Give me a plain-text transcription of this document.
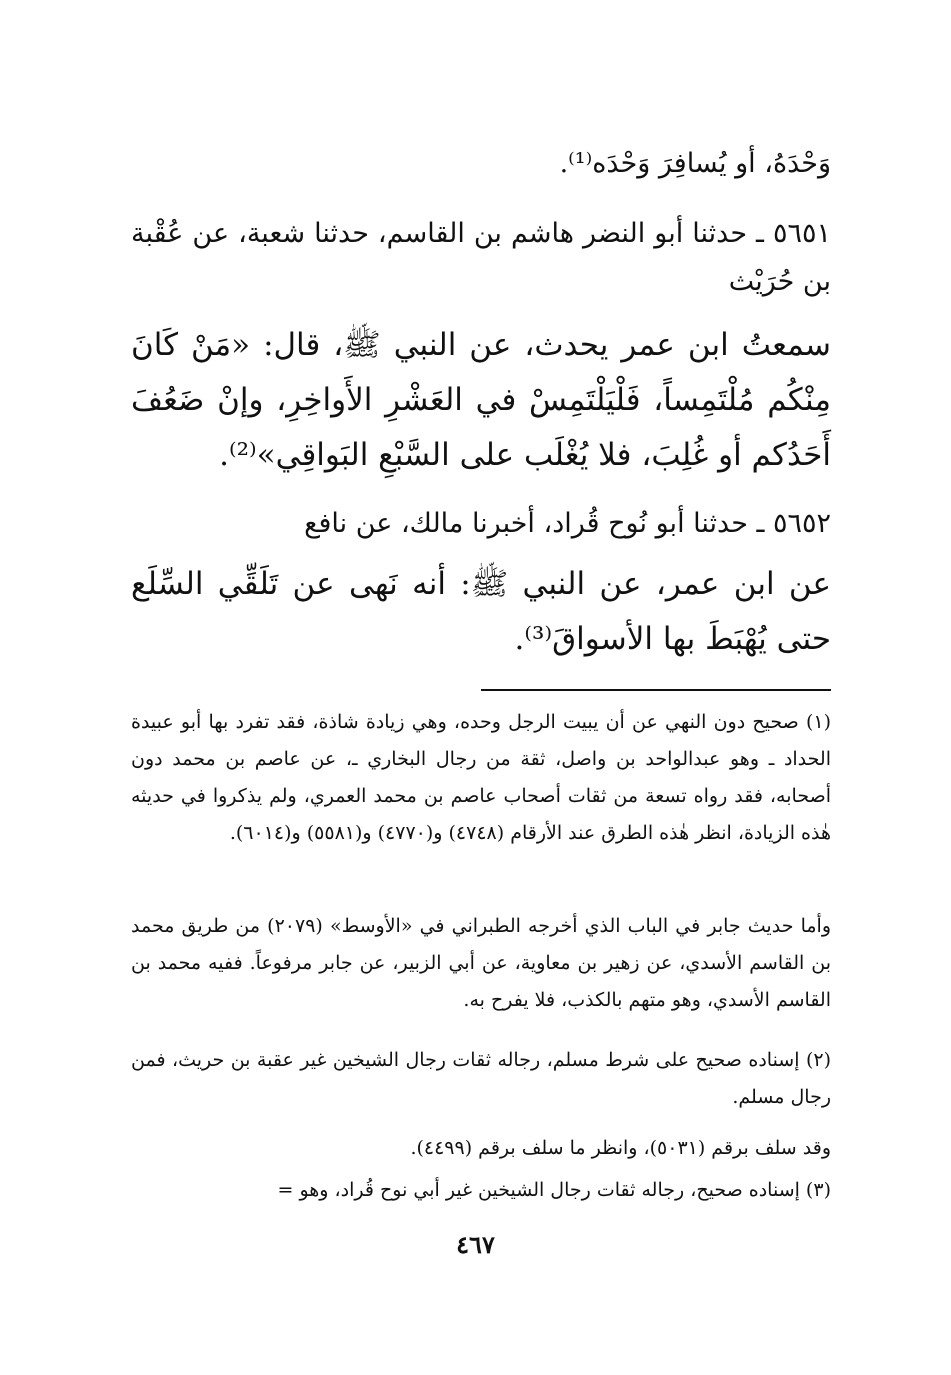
وَحْدَهُ، أو يُسافِرَ وَحْدَه⁽¹⁾.

٥٦٥١ ـ حدثنا أبو النضر هاشم بن القاسم، حدثنا شعبة، عن عُقْبة بن حُرَيْث

سمعتُ ابن عمر يحدث، عن النبي ﷺ، قال: «مَنْ كَانَ مِنْكُم مُلْتَمِساً، فَلْيَلْتَمِسْ في العَشْرِ الأَواخِرِ، وإنْ ضَعُفَ أَحَدُكم أو غُلِبَ، فلا يُغْلَب على السَّبْعِ البَواقِي»⁽²⁾.

٥٦٥٢ ـ حدثنا أبو نُوح قُراد، أخبرنا مالك، عن نافع

عن ابن عمر، عن النبي ﷺ: أنه نَهى عن تَلَقِّي السِّلَع حتى يُهْبَطَ بها الأسواقَ⁽³⁾.

(١) صحيح دون النهي عن أن يبيت الرجل وحده، وهي زيادة شاذة، فقد تفرد بها أبو عبيدة الحداد ـ وهو عبدالواحد بن واصل، ثقة من رجال البخاري ـ، عن عاصم بن محمد دون أصحابه، فقد رواه تسعة من ثقات أصحاب عاصم بن محمد العمري، ولم يذكروا في حديثه هٰذه الزيادة، انظر هٰذه الطرق عند الأرقام (٤٧٤٨) و(٤٧٧٠) و(٥٥٨١) و(٦٠١٤).

وأما حديث جابر في الباب الذي أخرجه الطبراني في «الأوسط» (٢٠٧٩) من طريق محمد بن القاسم الأسدي، عن زهير بن معاوية، عن أبي الزبير، عن جابر مرفوعاً. ففيه محمد بن القاسم الأسدي، وهو متهم بالكذب، فلا يفرح به.

(٢) إسناده صحيح على شرط مسلم، رجاله ثقات رجال الشيخين غير عقبة بن حريث، فمن رجال مسلم.

وقد سلف برقم (٥٠٣١)، وانظر ما سلف برقم (٤٤٩٩).

(٣) إسناده صحيح، رجاله ثقات رجال الشيخين غير أبي نوح قُراد، وهو =

٤٦٧
